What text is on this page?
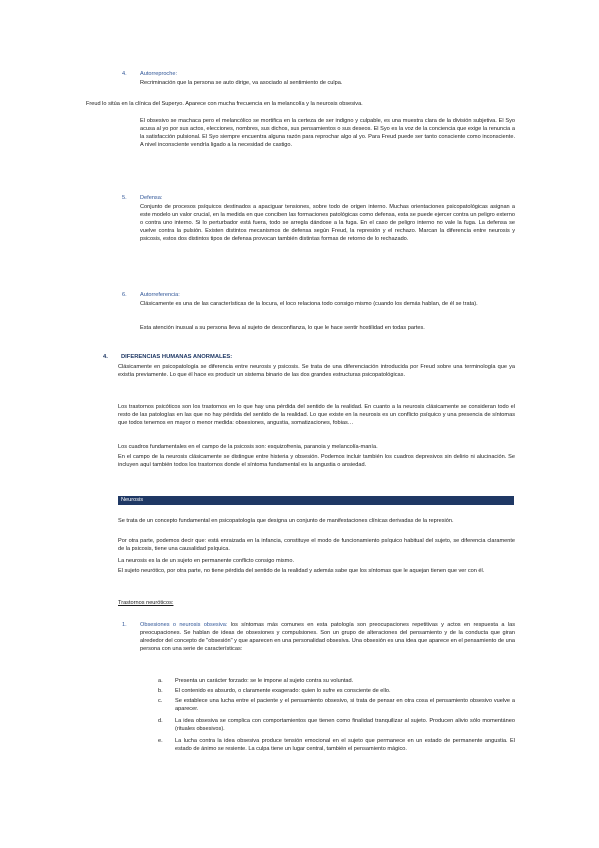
4. Autorreproche:
Recriminación que la persona se auto dirige, va asociado al sentimiento de culpa.
Freud lo sitúa en la clínica del Superyo. Aparece con mucha frecuencia en la melancolía y la neurosis obsesiva.
El obsesivo se machaca pero el melancólico se mortifica en la certeza de ser indigno y culpable, es una muestra clara de la división subjetiva. El Syo acusa al yo por sus actos, elecciones, nombres, sus dichos, sus pensamientos o sus deseos. El Syo es la voz de la conciencia que exige la renuncia a la satisfacción pulsional. El Syo siempre encuentra alguna razón para reprochar algo al yo. Para Freud puede ser tanto consciente como inconsciente. A nivel inconsciente vendría ligado a la necesidad de castigo.
5. Defensa:
Conjunto de procesos psíquicos destinados a apaciguar tensiones, sobre todo de origen interno. Muchas orientaciones psicopatológicas asignan a este modelo un valor crucial, en la medida en que conciben las formaciones patológicas como defensa, esta se puede ejercer contra un peligro externo o contra uno interno. Si lo perturbador está fuera, todo se arregla dándose a la fuga. En el caso de peligro interno no vale la fuga. La defensa se vuelve contra la pulsión. Existen distintos mecanismos de defensa según Freud, la represión y el rechazo. Marcan la diferencia entre neurosis y psicosis, estos dos distintos tipos de defensa provocan también distintas formas de retorno de lo rechazado.
6. Autorreferencia:
Clásicamente es una de las características de la locura, el loco relaciona todo consigo mismo (cuando los demás hablan, de él se trata).
Esta atención inusual a su persona lleva al sujeto de desconfianza, lo que le hace sentir hostilidad en todas partes.
4. DIFERENCIAS HUMANAS ANORMALES:
Clásicamente en psicopatología se diferencia entre neurosis y psicosis. Se trata de una diferenciación introducida por Freud sobre una terminología que ya existía previamente. Lo que él hace es producir un sistema binario de las dos grandes estructuras psicopatológicas.
Los trastornos psicóticos son los trastornos en lo que hay una pérdida del sentido de la realidad. En cuanto a la neurosis clásicamente se consideran todo el resto de las patologías en las que no hay pérdida del sentido de la realidad. Lo que existe en la neurosis es un conflicto psíquico y una presencia de síntomas que todos tenemos en mayor o menor medida: obsesiones, angustia, somatizaciones, fobias…
Los cuadros fundamentales en el campo de la psicosis son: esquizofrenia, paranoia y melancolía-manía.
En el campo de la neurosis clásicamente se distingue entre histeria y obsesión. Podemos incluir también los cuadros depresivos sin delirio ni alucinación. Se incluyen aquí también todos los trastornos donde el síntoma fundamental es la angustia o ansiedad.
Neurosis
Se trata de un concepto fundamental en psicopatología que designa un conjunto de manifestaciones clínicas derivadas de la represión.
Por otra parte, podemos decir que: está enraizada en la infancia, constituye el modo de funcionamiento psíquico habitual del sujeto, se diferencia claramente de la psicosis, tiene una causalidad psíquica.
La neurosis es la de un sujeto en permanente conflicto consigo mismo.
El sujeto neurótico, por otra parte, no tiene pérdida del sentido de la realidad y además sabe que los síntomas que le aquejan tienen que ver con él.
Trastornos neuróticos:
1. Obsesiones o neurosis obsesiva: los síntomas más comunes en esta patología son preocupaciones repetitivas y actos en respuesta a las preocupaciones. Se hablan de ideas de obsesiones y compulsiones. Son un grupo de alteraciones del pensamiento y de la conducta que giran alrededor del concepto de "obsesión" y que aparecen en una personalidad obsesiva. Una obsesión es una idea que aparece en el pensamiento de una persona con una serie de características:
a. Presenta un carácter forzado: se le impone al sujeto contra su voluntad.
b. El contenido es absurdo, o claramente exagerado: quien lo sufre es consciente de ello.
c. Se establece una lucha entre el paciente y el pensamiento obsesivo, si trata de pensar en otra cosa el pensamiento obsesivo vuelve a aparecer.
d. La idea obsesiva se complica con comportamientos que tienen como finalidad tranquilizar al sujeto. Producen alivio sólo momentáneo (rituales obsesivos).
e. La lucha contra la idea obsesiva produce tensión emocional en el sujeto que permanece en un estado de permanente angustia. El estado de ánimo se resiente. La culpa tiene un lugar central, también el pensamiento mágico.
